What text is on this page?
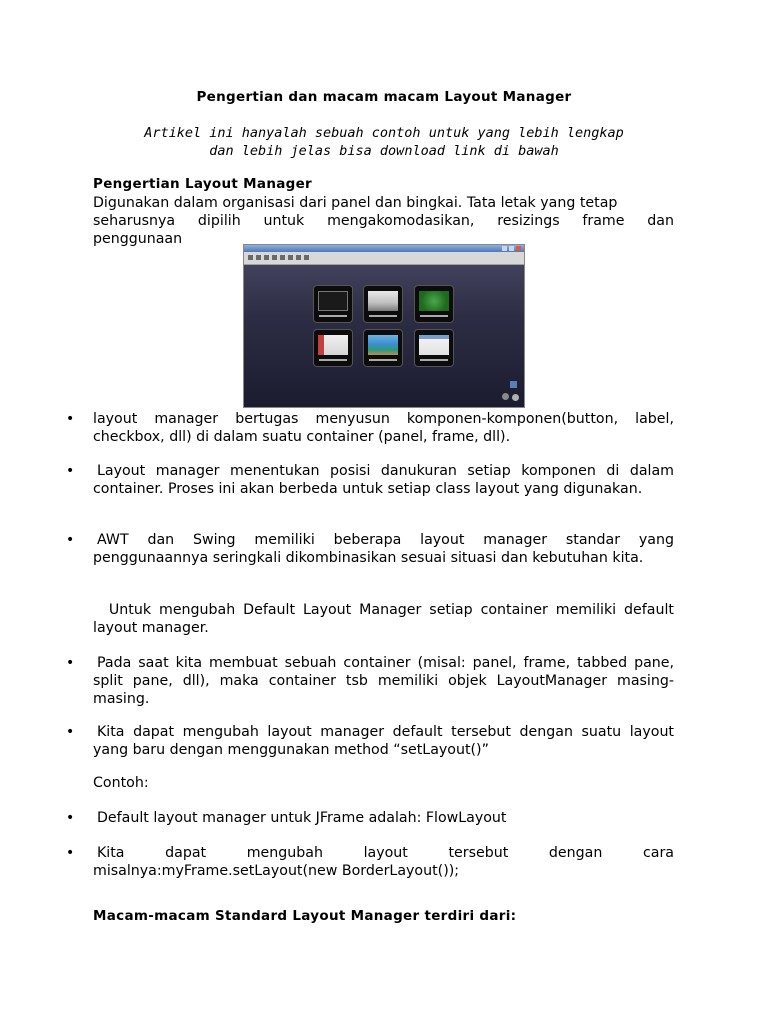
Pengertian dan macam macam Layout Manager
Artikel ini hanyalah sebuah contoh untuk yang lebih lengkap
dan lebih jelas bisa download link di bawah
Pengertian Layout Manager
Digunakan dalam organisasi dari panel dan bingkai. Tata letak yang tetap
seharusnya dipilih untuk mengakomodasikan, resizings frame dan
penggunaan
• layout manager bertugas menyusun komponen-komponen(button, label, checkbox, dll) di dalam suatu container (panel, frame, dll).
• Layout manager menentukan posisi danukuran setiap komponen di dalam container. Proses ini akan berbeda untuk setiap class layout yang digunakan.
• AWT dan Swing memiliki beberapa layout manager standar yang penggunaannya seringkali dikombinasikan sesuai situasi dan kebutuhan kita.
Untuk mengubah Default Layout Manager setiap container memiliki default layout manager.
• Pada saat kita membuat sebuah container (misal: panel, frame, tabbed pane, split pane, dll), maka container tsb memiliki objek LayoutManager masing-masing.
• Kita dapat mengubah layout manager default tersebut dengan suatu layout yang baru dengan menggunakan method “setLayout()”
Contoh:
• Default layout manager untuk JFrame adalah: FlowLayout
• Kita dapat mengubah layout tersebut dengan cara
misalnya:myFrame.setLayout(new BorderLayout());
Macam-macam Standard Layout Manager terdiri dari:
